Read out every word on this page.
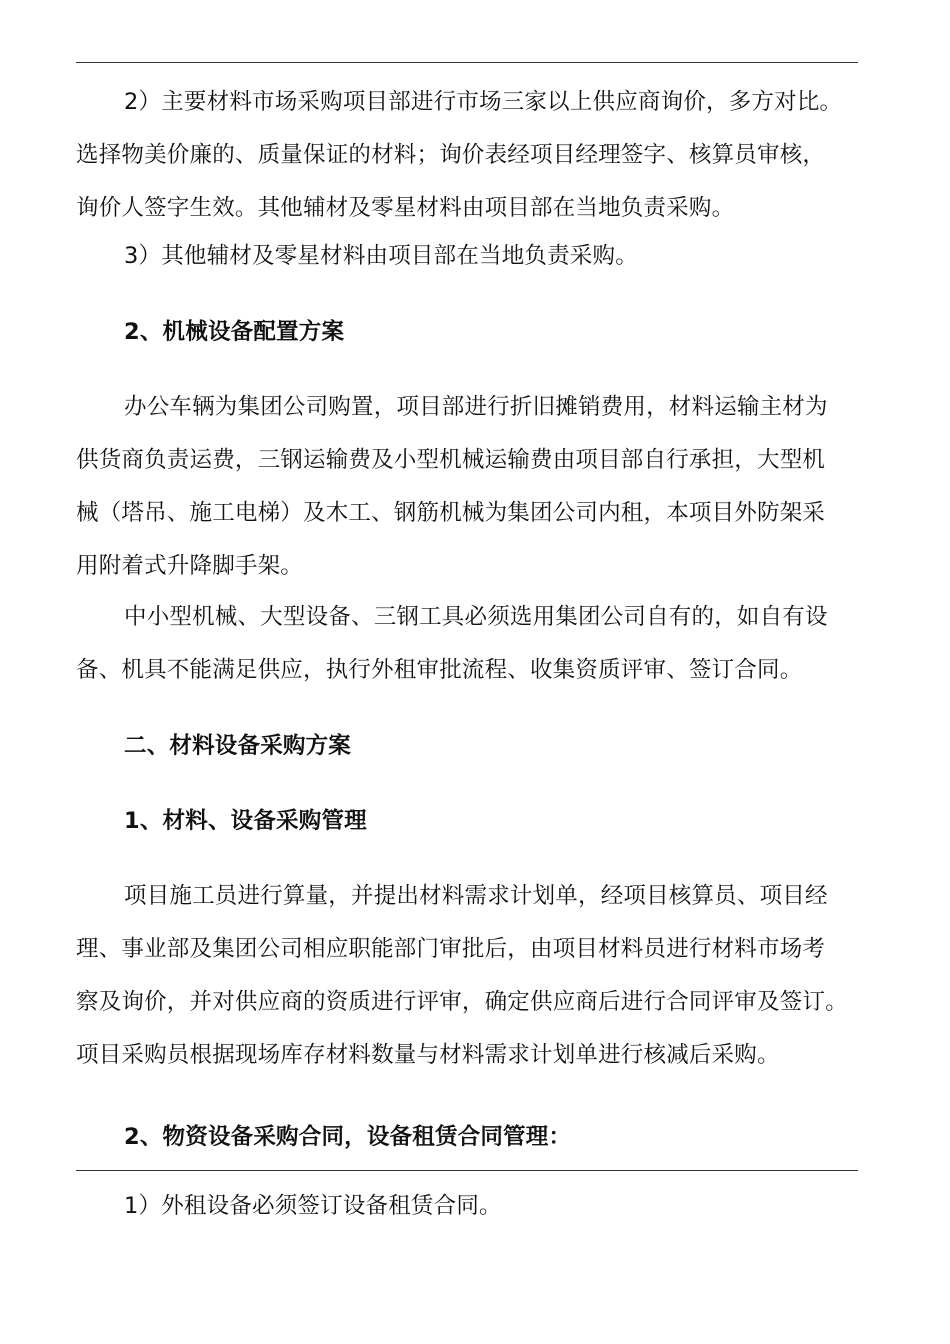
2）主要材料市场采购项目部进行市场三家以上供应商询价，多方对比。
选择物美价廉的、质量保证的材料；询价表经项目经理签字、核算员审核，
询价人签字生效。其他辅材及零星材料由项目部在当地负责采购。
3）其他辅材及零星材料由项目部在当地负责采购。
2、机械设备配置方案
办公车辆为集团公司购置，项目部进行折旧摊销费用，材料运输主材为
供货商负责运费，三钢运输费及小型机械运输费由项目部自行承担，大型机
械（塔吊、施工电梯）及木工、钢筋机械为集团公司内租，本项目外防架采
用附着式升降脚手架。
中小型机械、大型设备、三钢工具必须选用集团公司自有的，如自有设
备、机具不能满足供应，执行外租审批流程、收集资质评审、签订合同。
二、材料设备采购方案
1、材料、设备采购管理
项目施工员进行算量，并提出材料需求计划单，经项目核算员、项目经
理、事业部及集团公司相应职能部门审批后，由项目材料员进行材料市场考
察及询价，并对供应商的资质进行评审，确定供应商后进行合同评审及签订。
项目采购员根据现场库存材料数量与材料需求计划单进行核减后采购。
2、物资设备采购合同，设备租赁合同管理：
1）外租设备必须签订设备租赁合同。
